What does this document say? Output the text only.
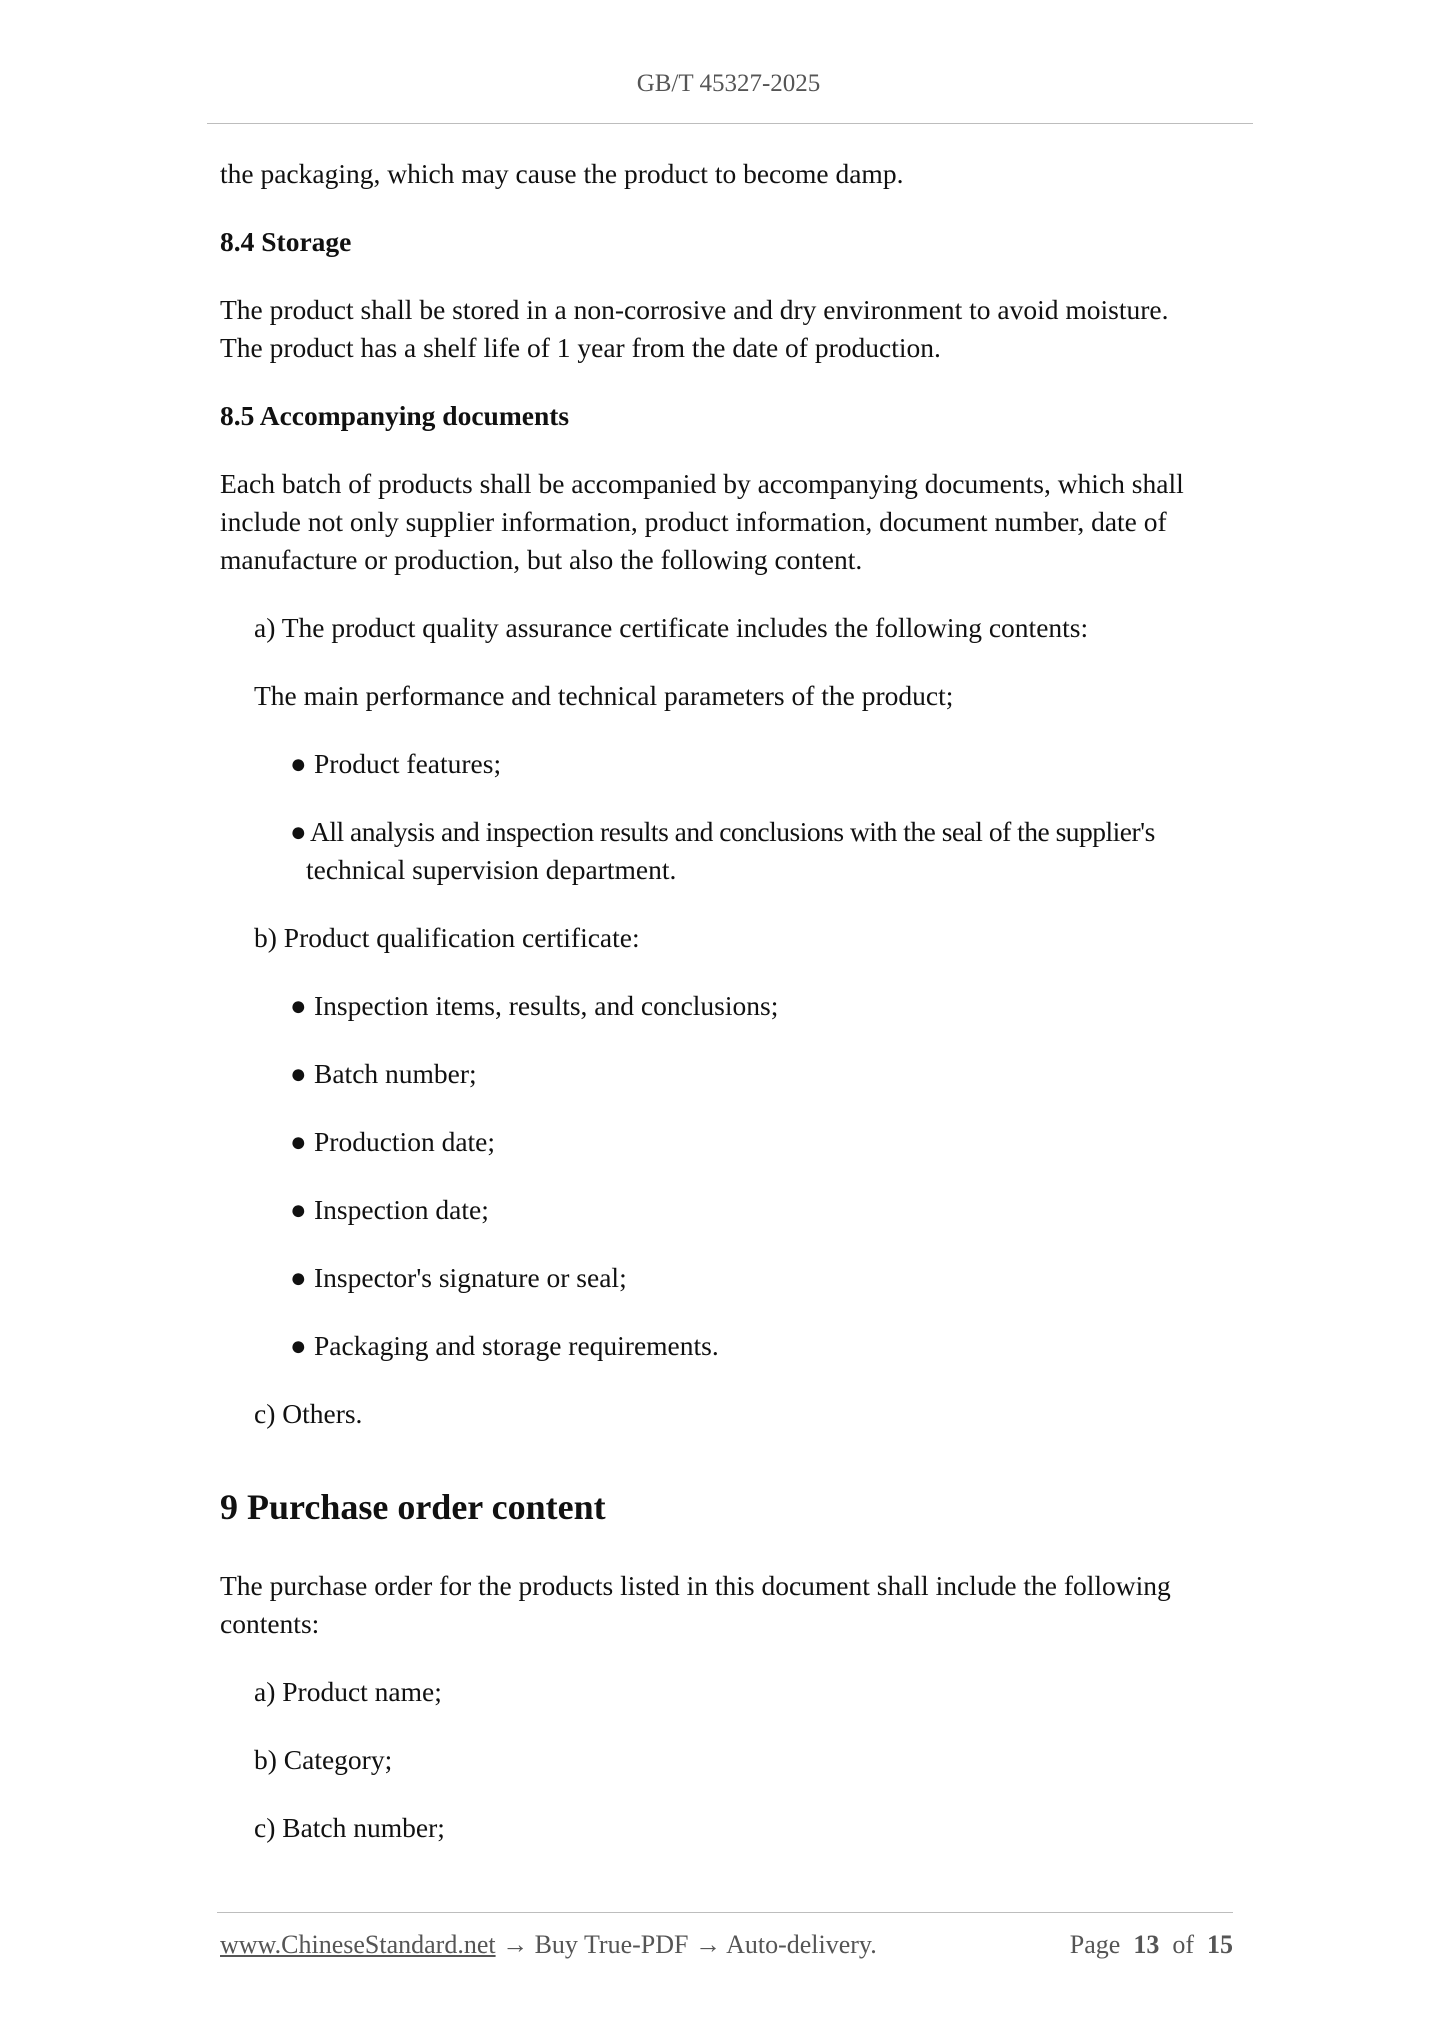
GB/T 45327-2025

the packaging, which may cause the product to become damp.

8.4 Storage

The product shall be stored in a non-corrosive and dry environment to avoid moisture.

The product has a shelf life of 1 year from the date of production.

8.5 Accompanying documents

Each batch of products shall be accompanied by accompanying documents, which shall

include not only supplier information, product information, document number, date of

manufacture or production, but also the following content.

a) The product quality assurance certificate includes the following contents:

The main performance and technical parameters of the product;

● Product features;

● All analysis and inspection results and conclusions with the seal of the supplier's

technical supervision department.

b) Product qualification certificate:

● Inspection items, results, and conclusions;

● Batch number;

● Production date;

● Inspection date;

● Inspector's signature or seal;

● Packaging and storage requirements.

c) Others.

9 Purchase order content

The purchase order for the products listed in this document shall include the following

contents:

a) Product name;

b) Category;

c) Batch number;

www.ChineseStandard.net → Buy True-PDF → Auto-delivery.	Page 13 of 15
